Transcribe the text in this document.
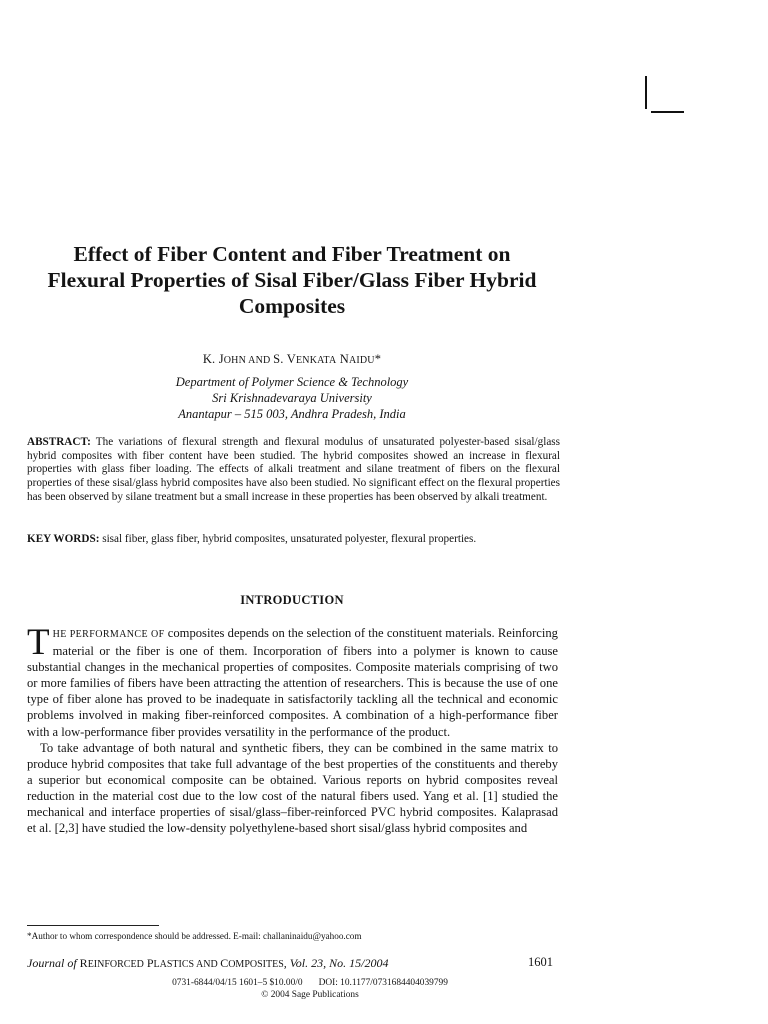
Effect of Fiber Content and Fiber Treatment on Flexural Properties of Sisal Fiber/Glass Fiber Hybrid Composites
K. JOHN AND S. VENKATA NAIDU*
Department of Polymer Science & Technology
Sri Krishnadevaraya University
Anantapur – 515 003, Andhra Pradesh, India
ABSTRACT: The variations of flexural strength and flexural modulus of unsaturated polyester-based sisal/glass hybrid composites with fiber content have been studied. The hybrid composites showed an increase in flexural properties with glass fiber loading. The effects of alkali treatment and silane treatment of fibers on the flexural properties of these sisal/glass hybrid composites have also been studied. No significant effect on the flexural properties has been observed by silane treatment but a small increase in these properties has been observed by alkali treatment.
KEY WORDS: sisal fiber, glass fiber, hybrid composites, unsaturated polyester, flexural properties.
INTRODUCTION

THE PERFORMANCE OF composites depends on the selection of the constituent materials. Reinforcing material or the fiber is one of them. Incorporation of fibers into a polymer is known to cause substantial changes in the mechanical properties of composites. Composite materials comprising of two or more families of fibers have been attracting the attention of researchers. This is because the use of one type of fiber alone has proved to be inadequate in satisfactorily tackling all the technical and economic problems involved in making fiber-reinforced composites. A combination of a high-performance fiber with a low-performance fiber provides versatility in the performance of the product.

To take advantage of both natural and synthetic fibers, they can be combined in the same matrix to produce hybrid composites that take full advantage of the best properties of the constituents and thereby a superior but economical composite can be obtained. Various reports on hybrid composites reveal reduction in the material cost due to the low cost of the natural fibers used. Yang et al. [1] studied the mechanical and interface properties of sisal/glass–fiber-reinforced PVC hybrid composites. Kalaprasad et al. [2,3] have studied the low-density polyethylene-based short sisal/glass hybrid composites and

*Author to whom correspondence should be addressed. E-mail: challaninaidu@yahoo.com
Journal of REINFORCED PLASTICS AND COMPOSITES, Vol. 23, No. 15/2004	1601
0731-6844/04/15 1601–5 $10.00/0 DOI: 10.1177/0731684404039799
© 2004 Sage Publications
